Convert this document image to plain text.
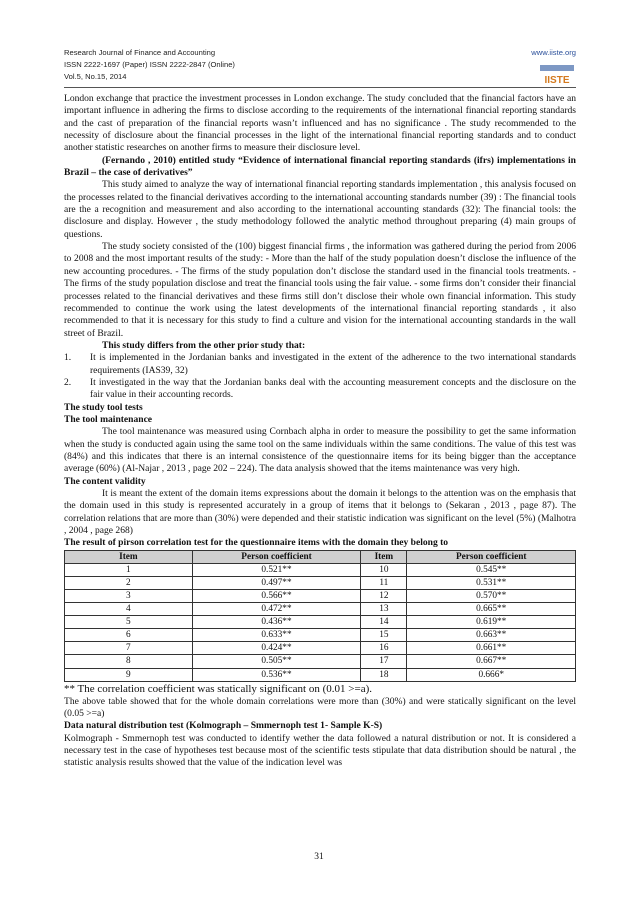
Research Journal of Finance and Accounting
ISSN 2222-1697 (Paper) ISSN 2222-2847 (Online)
Vol.5, No.15, 2014
www.iiste.org
IISTE

London exchange that practice the investment processes in London exchange. The study concluded that the financial factors have an important influence in adhering the firms to disclose according to the requirements of the international financial reporting standards and the cast of preparation of the financial reports wasn’t influenced and has no significance . The study recommended to the necessity of disclosure about the financial processes in the light of the international financial reporting standards and to conduct another statistic researches on another firms to measure their disclosure level.

(Fernando , 2010) entitled study “Evidence of international financial reporting standards (ifrs) implementations in Brazil – the case of derivatives”

This study aimed to analyze the way of international financial reporting standards implementation , this analysis focused on the processes related to the financial derivatives according to the international accounting standards number (39) : The financial tools are the a recognition and measurement and also according to the international accounting standards (32): The financial tools: the disclosure and display. However , the study methodology followed the analytic method throughout preparing (4) main groups of questions.

The study society consisted of the (100) biggest financial firms , the information was gathered during the period from 2006 to 2008 and the most important results of the study: - More than the half of the study population doesn’t disclose the influence of the new accounting procedures. - The firms of the study population don’t disclose the standard used in the financial tools treatments. - The firms of the study population disclose and treat the financial tools using the fair value. - some firms don’t consider their financial processes related to the financial derivatives and these firms still don’t disclose their whole own financial information. This study recommended to continue the work using the latest developments of the international financial reporting standards , it also recommended to that it is necessary for this study to find a culture and vision for the international accounting standards in the wall street of Brazil.

This study differs from the other prior study that:

1. It is implemented in the Jordanian banks and investigated in the extent of the adherence to the two international standards requirements (IAS39, 32)
2. It investigated in the way that the Jordanian banks deal with the accounting measurement concepts and the disclosure on the fair value in their accounting records.

The study tool tests

The tool maintenance

The tool maintenance was measured using Cornbach alpha in order to measure the possibility to get the same information when the study is conducted again using the same tool on the same individuals within the same conditions. The value of this test was (84%) and this indicates that there is an internal consistence of the questionnaire items for its being bigger than the acceptance average (60%) (Al-Najar , 2013 , page 202 – 224). The data analysis showed that the items maintenance was very high.

The content validity

It is meant the extent of the domain items expressions about the domain it belongs to the attention was on the emphasis that the domain used in this study is represented accurately in a group of items that it belongs to (Sekaran , 2013 , page 87). The correlation relations that are more than (30%) were depended and their statistic indication was significant on the level (5%) (Malhotra , 2004 , page 268)

The result of pirson correlation test for the questionnaire items with the domain they belong to

Item	Person coefficient	Item	Person coefficient
1	0.521**	10	0.545**
2	0.497**	11	0.531**
3	0.566**	12	0.570**
4	0.472**	13	0.665**
5	0.436**	14	0.619**
6	0.633**	15	0.663**
7	0.424**	16	0.661**
8	0.505**	17	0.667**
9	0.536**	18	0.666*

** The correlation coefficient was statically significant on (0.01 >=a).

The above table showed that for the whole domain correlations were more than (30%) and were statically significant on the level (0.05 >=a)

Data natural distribution test (Kolmograph – Smmernoph test 1- Sample K-S)

Kolmograph - Smmernoph test was conducted to identify wether the data followed a natural distribution or not. It is considered a necessary test in the case of hypotheses test because most of the scientific tests stipulate that data distribution should be natural , the statistic analysis results showed that the value of the indication level was

31
